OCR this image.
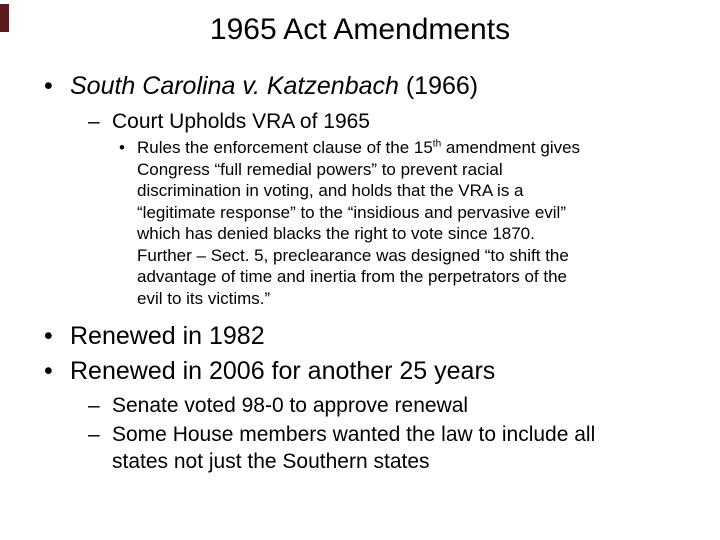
1965 Act Amendments
• South Carolina v. Katzenbach (1966)
– Court Upholds VRA of 1965
• Rules the enforcement clause of the 15th amendment gives
Congress “full remedial powers” to prevent racial
discrimination in voting, and holds that the VRA is a
“legitimate response” to the “insidious and pervasive evil”
which has denied blacks the right to vote since 1870.
Further – Sect. 5, preclearance was designed “to shift the
advantage of time and inertia from the perpetrators of the
evil to its victims.”
• Renewed in 1982
• Renewed in 2006 for another 25 years
– Senate voted 98-0 to approve renewal
– Some House members wanted the law to include all
states not just the Southern states
